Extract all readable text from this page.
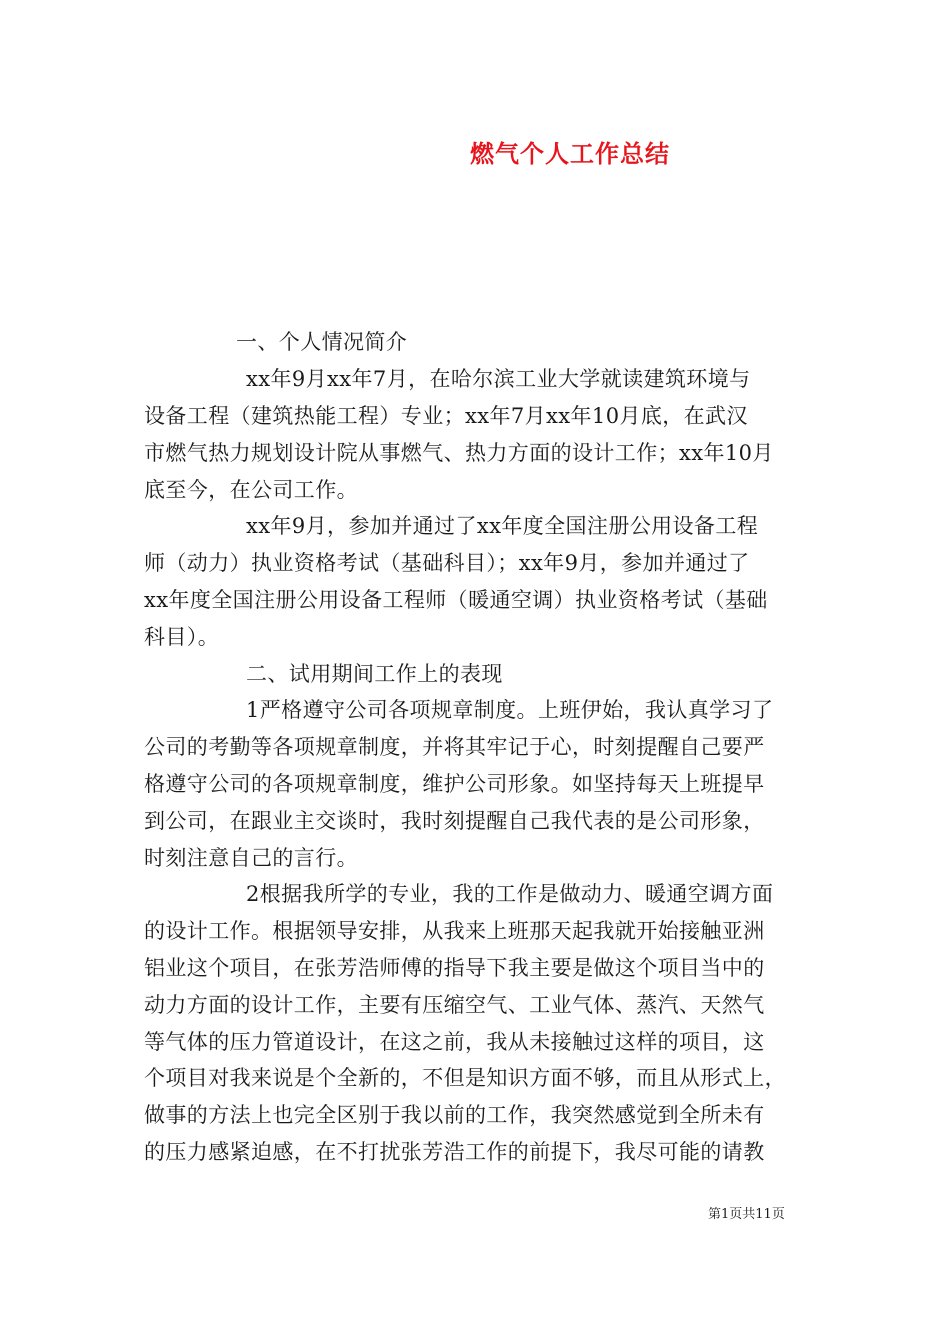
燃气个人工作总结
一、个人情况简介
xx年9月xx年7月，在哈尔滨工业大学就读建筑环境与
设备工程（建筑热能工程）专业；xx年7月xx年10月底，在武汉
市燃气热力规划设计院从事燃气、热力方面的设计工作；xx年10月
底至今，在公司工作。
xx年9月，参加并通过了xx年度全国注册公用设备工程
师（动力）执业资格考试（基础科目）；xx年9月，参加并通过了
xx年度全国注册公用设备工程师（暖通空调）执业资格考试（基础
科目）。
二、试用期间工作上的表现
1严格遵守公司各项规章制度。上班伊始，我认真学习了
公司的考勤等各项规章制度，并将其牢记于心，时刻提醒自己要严
格遵守公司的各项规章制度，维护公司形象。如坚持每天上班提早
到公司，在跟业主交谈时，我时刻提醒自己我代表的是公司形象，
时刻注意自己的言行。
2根据我所学的专业，我的工作是做动力、暖通空调方面
的设计工作。根据领导安排，从我来上班那天起我就开始接触亚洲
铝业这个项目，在张芳浩师傅的指导下我主要是做这个项目当中的
动力方面的设计工作，主要有压缩空气、工业气体、蒸汽、天然气
等气体的压力管道设计，在这之前，我从未接触过这样的项目，这
个项目对我来说是个全新的，不但是知识方面不够，而且从形式上，
做事的方法上也完全区别于我以前的工作，我突然感觉到全所未有
的压力感紧迫感，在不打扰张芳浩工作的前提下，我尽可能的请教
第1页共11页
